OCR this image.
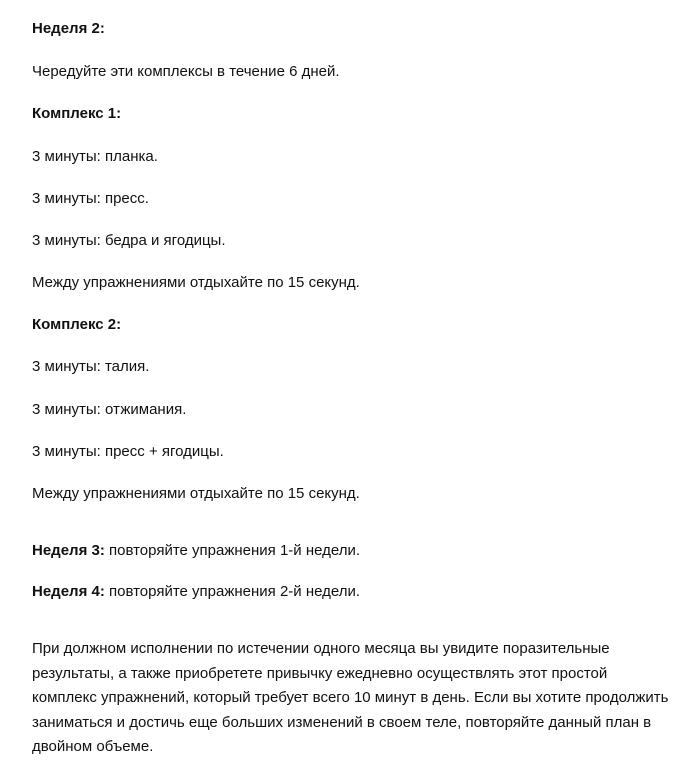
Неделя 2:

Чередуйте эти комплексы в течение 6 дней.

Комплекс 1:

3 минуты: планка.

3 минуты: пресс.

3 минуты: бедра и ягодицы.

Между упражнениями отдыхайте по 15 секунд.

Комплекс 2:

3 минуты: талия.

3 минуты: отжимания.

3 минуты: пресс + ягодицы.

Между упражнениями отдыхайте по 15 секунд.

Неделя 3: повторяйте упражнения 1-й недели.

Неделя 4: повторяйте упражнения 2-й недели.

При должном исполнении по истечении одного месяца вы увидите поразительные результаты, а также приобретете привычку ежедневно осуществлять этот простой комплекс упражнений, который требует всего 10 минут в день. Если вы хотите продолжить заниматься и достичь еще больших изменений в своем теле, повторяйте данный план в двойном объеме.
